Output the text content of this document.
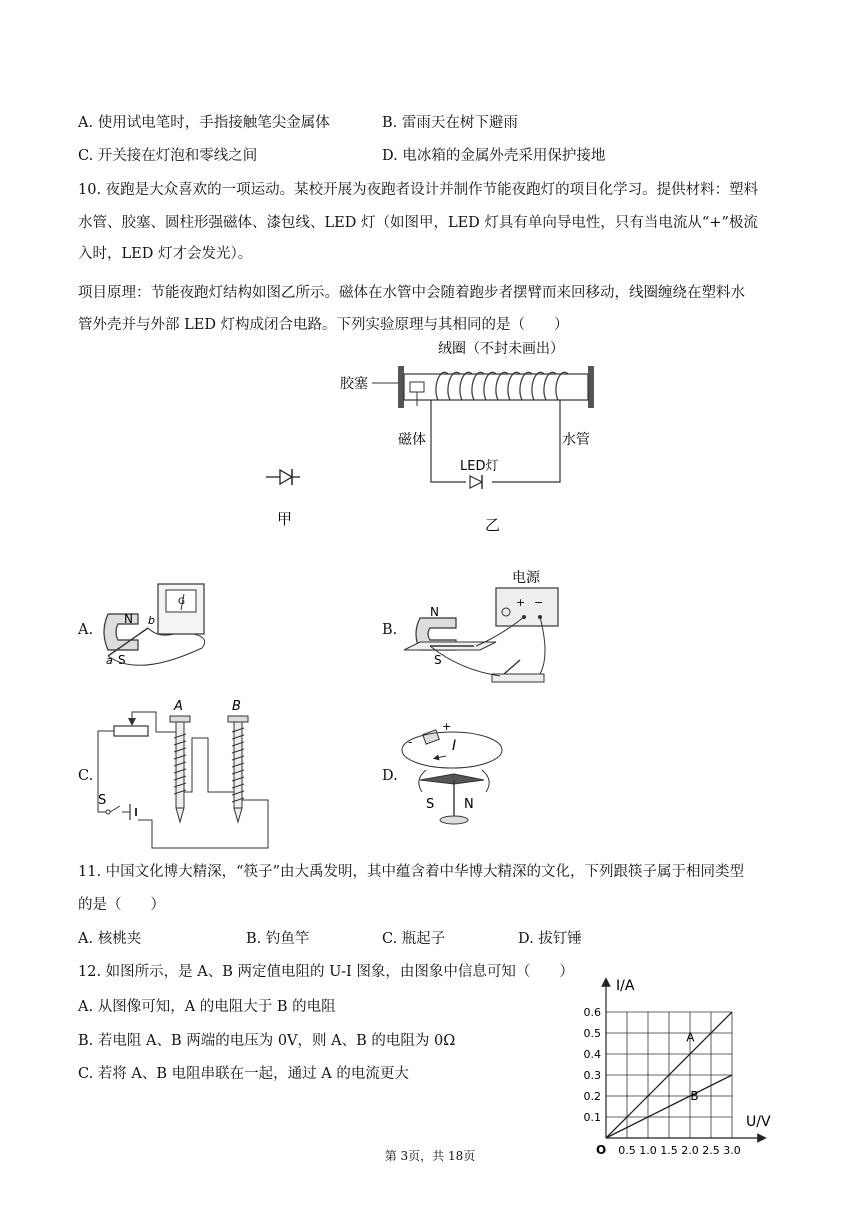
A. 使用试电笔时，手指接触笔尖金属体	B. 雷雨天在树下避雨
C. 开关接在灯泡和零线之间	D. 电冰箱的金属外壳采用保护接地
10. 夜跑是大众喜欢的一项运动。某校开展为夜跑者设计并制作节能夜跑灯的项目化学习。提供材料：塑料
水管、胶塞、圆柱形强磁体、漆包线、LED 灯（如图甲，LED 灯具有单向导电性，只有当电流从“+”极流
入时，LED 灯才会发光）。
项目原理：节能夜跑灯结构如图乙所示。磁体在水管中会随着跑步者摆臂而来回移动，线圈缠绕在塑料水
管外壳并与外部 LED 灯构成闭合电路。下列实验原理与其相同的是（　　）
甲
胶塞
绒圈（不封未画出）
磁体	水管
LED灯
乙
A.
G
N
S
a
b
B.
电源
+ −
N
S
C.
A	B
S
D.
+
-	I
S N
11. 中国文化博大精深，“筷子”由大禹发明，其中蕴含着中华博大精深的文化，下列跟筷子属于相同类型
的是（　　）
A. 核桃夹	B. 钓鱼竿	C. 瓶起子	D. 拔钉锤
12. 如图所示，是 A、B 两定值电阻的 U-I 图象，由图象中信息可知（　　）
A. 从图像可知，A 的电阻大于 B 的电阻
B. 若电阻 A、B 两端的电压为 0V，则 A、B 的电阻为 0Ω
C. 若将 A、B 电阻串联在一起，通过 A 的电流更大
I/A
U/V
O
A
B
0.5 1.0 1.5 2.0 2.5 3.0
0.1
0.2
0.3
0.4
0.5
0.6
第 3页，共 18页
